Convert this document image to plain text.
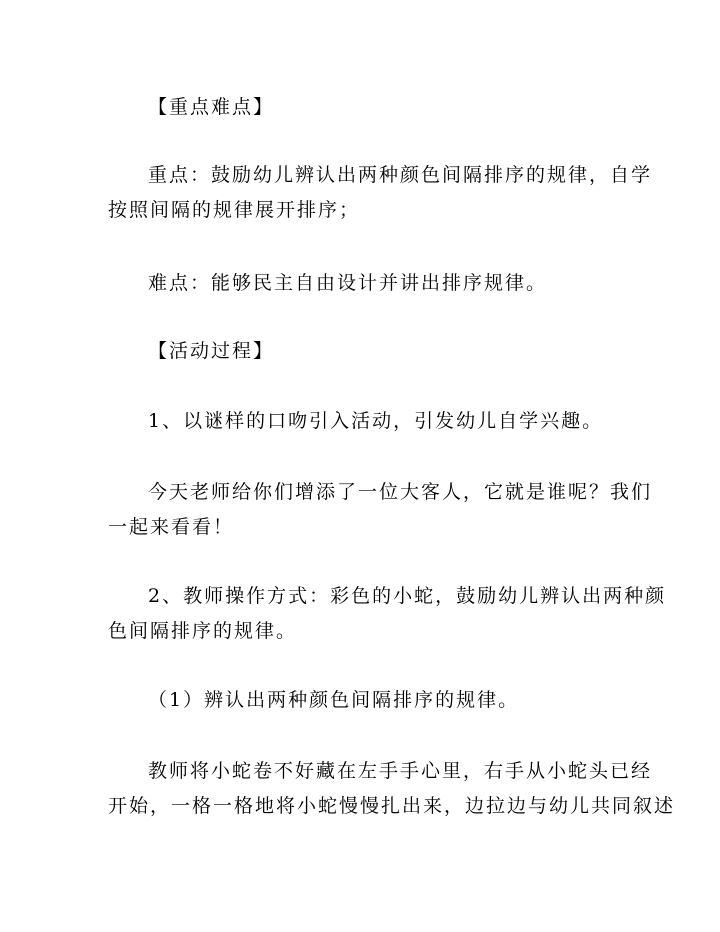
【重点难点】

重点：鼓励幼儿辨认出两种颜色间隔排序的规律，自学
按照间隔的规律展开排序；

难点：能够民主自由设计并讲出排序规律。

【活动过程】

1、以谜样的口吻引入活动，引发幼儿自学兴趣。

今天老师给你们增添了一位大客人，它就是谁呢？我们
一起来看看！

2、教师操作方式：彩色的小蛇，鼓励幼儿辨认出两种颜
色间隔排序的规律。

（1）辨认出两种颜色间隔排序的规律。

教师将小蛇卷不好藏在左手手心里，右手从小蛇头已经
开始，一格一格地将小蛇慢慢扎出来，边拉边与幼儿共同叙述
